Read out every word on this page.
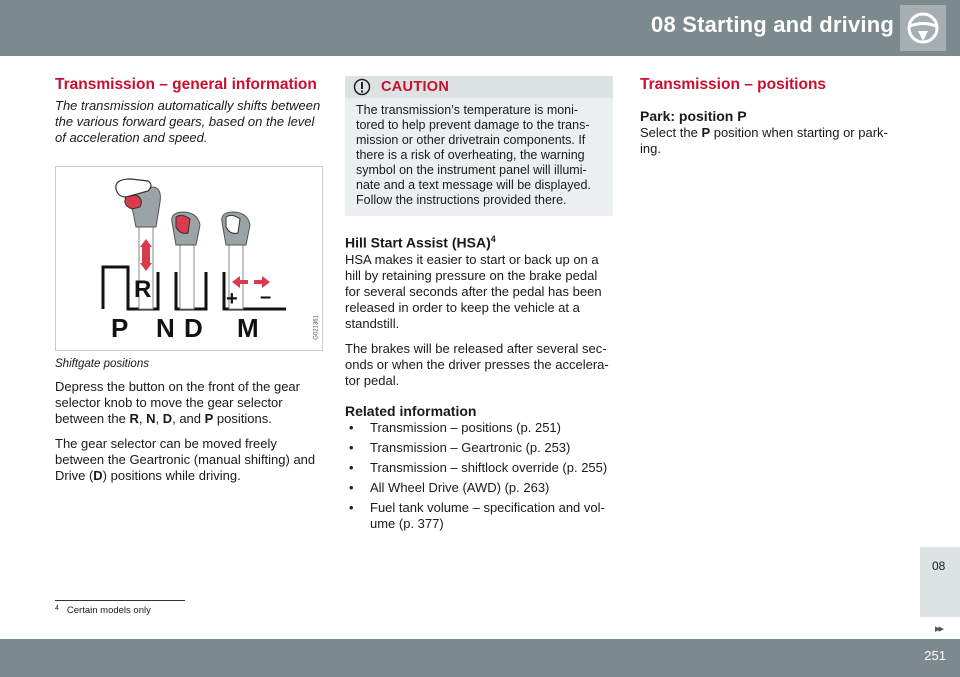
08 Starting and driving
Transmission – general information
The transmission automatically shifts between the various forward gears, based on the level of acceleration and speed.
R	+ –
P N D M	G021361
Shiftgate positions

Depress the button on the front of the gear selector knob to move the gear selector between the R, N, D, and P positions.

The gear selector can be moved freely between the Geartronic (manual shifting) and Drive (D) positions while driving.

CAUTION
The transmission’s temperature is monitored to help prevent damage to the transmission or other drivetrain components. If there is a risk of overheating, the warning symbol on the instrument panel will illuminate and a text message will be displayed. Follow the instructions provided there.
Hill Start Assist (HSA)$^4$

HSA makes it easier to start or back up on a hill by retaining pressure on the brake pedal for several seconds after the pedal has been released in order to keep the vehicle at a standstill.

The brakes will be released after several seconds or when the driver presses the accelerator pedal.

Related information
• Transmission – positions (p. 251)
• Transmission – Geartronic (p. 253)
• Transmission – shiftlock override (p. 255)
• All Wheel Drive (AWD) (p. 263)
• Fuel tank volume – specification and volume (p. 377)
Transmission – positions
Park: position P

Select the P position when starting or parking.

$^4$ Certain models only
08
▸▸
251
